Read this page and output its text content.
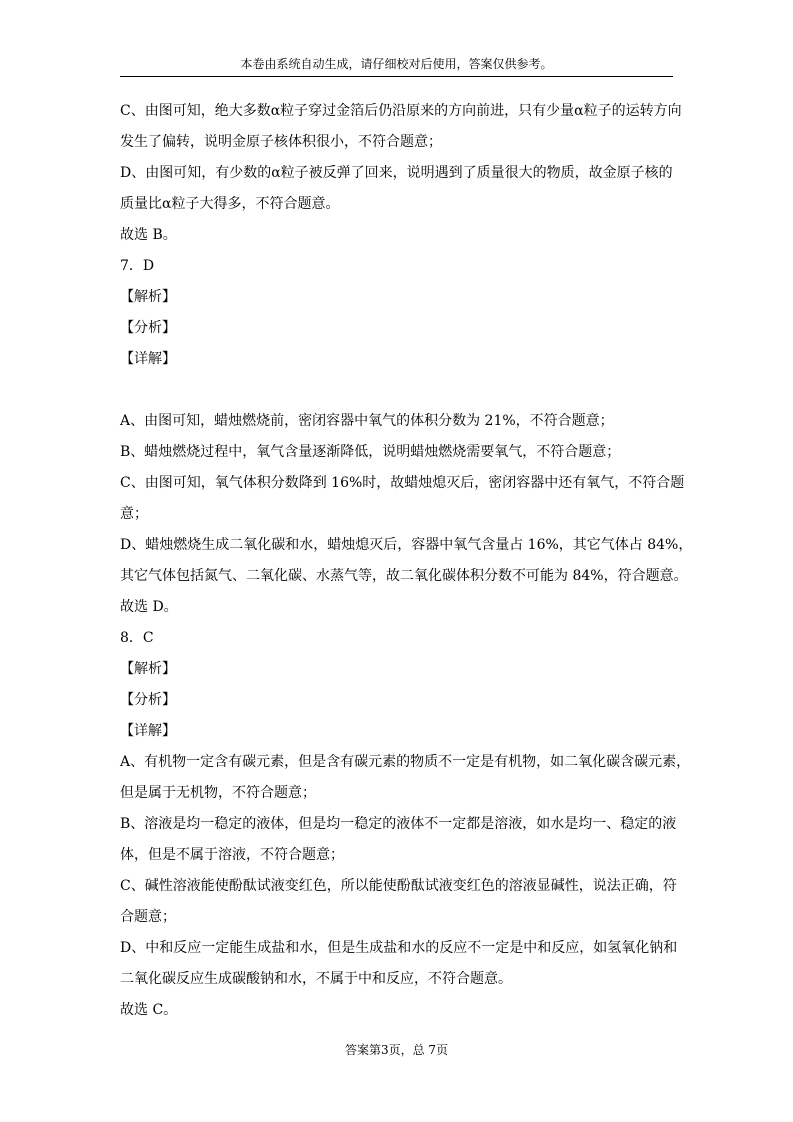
本卷由系统自动生成，请仔细校对后使用，答案仅供参考。
C、由图可知，绝大多数α粒子穿过金箔后仍沿原来的方向前进，只有少量α粒子的运转方向
发生了偏转，说明金原子核体积很小，不符合题意；
D、由图可知，有少数的α粒子被反弹了回来，说明遇到了质量很大的物质，故金原子核的
质量比α粒子大得多，不符合题意。
故选 B。
7．D
【解析】
【分析】
【详解】
A、由图可知，蜡烛燃烧前，密闭容器中氧气的体积分数为 21%，不符合题意；
B、蜡烛燃烧过程中，氧气含量逐渐降低，说明蜡烛燃烧需要氧气，不符合题意；
C、由图可知，氧气体积分数降到 16%时，故蜡烛熄灭后，密闭容器中还有氧气，不符合题
意；
D、蜡烛燃烧生成二氧化碳和水，蜡烛熄灭后，容器中氧气含量占 16%，其它气体占 84%，
其它气体包括氮气、二氧化碳、水蒸气等，故二氧化碳体积分数不可能为 84%，符合题意。
故选 D。
8．C
【解析】
【分析】
【详解】
A、有机物一定含有碳元素，但是含有碳元素的物质不一定是有机物，如二氧化碳含碳元素，
但是属于无机物，不符合题意；
B、溶液是均一稳定的液体，但是均一稳定的液体不一定都是溶液，如水是均一、稳定的液
体，但是不属于溶液，不符合题意；
C、碱性溶液能使酚酞试液变红色，所以能使酚酞试液变红色的溶液显碱性，说法正确，符
合题意；
D、中和反应一定能生成盐和水，但是生成盐和水的反应不一定是中和反应，如氢氧化钠和
二氧化碳反应生成碳酸钠和水，不属于中和反应，不符合题意。
故选 C。
答案第3页，总 7页
